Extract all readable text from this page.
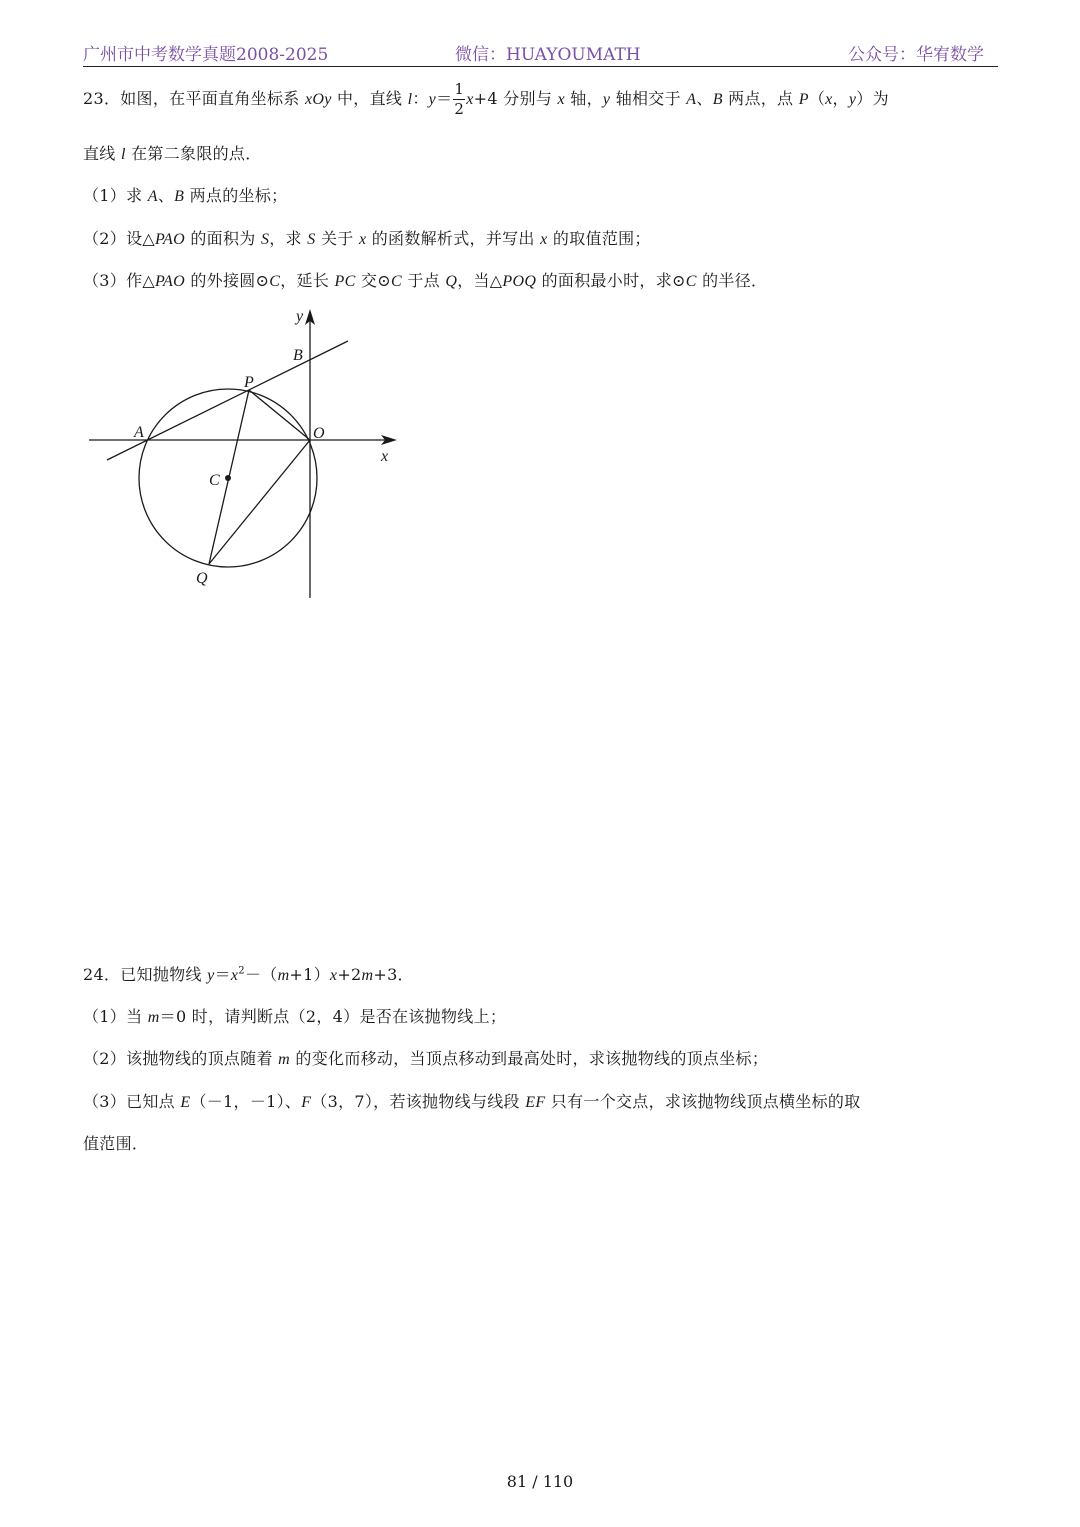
广州市中考数学真题2008-2025	微信：HUAYOUMATH	公众号：华宥数学
23．如图，在平面直角坐标系 xOy 中，直线 l：$y= \frac{1}{2} x+4$ 分别与 x 轴，y 轴相交于 A、B 两点，点 P（x，y）为
直线 l 在第二象限的点．
（1）求 A、B 两点的坐标；
（2）设△PAO 的面积为 S，求 S 关于 x 的函数解析式，并写出 x 的取值范围；
（3）作△PAO 的外接圆⊙C，延长 PC 交⊙C 于点 Q，当△POQ 的面积最小时，求⊙C 的半径．
y
x
B
P
A	O
C
Q
24．已知抛物线 $y=x^2-(m+1)x+2m+3$．
（1）当 m＝0 时，请判断点（2，4）是否在该抛物线上；
（2）该抛物线的顶点随着 m 的变化而移动，当顶点移动到最高处时，求该抛物线的顶点坐标；
（3）已知点 E（－1，－1）、F（3，7），若该抛物线与线段 EF 只有一个交点，求该抛物线顶点横坐标的取
值范围．
81 / 110
